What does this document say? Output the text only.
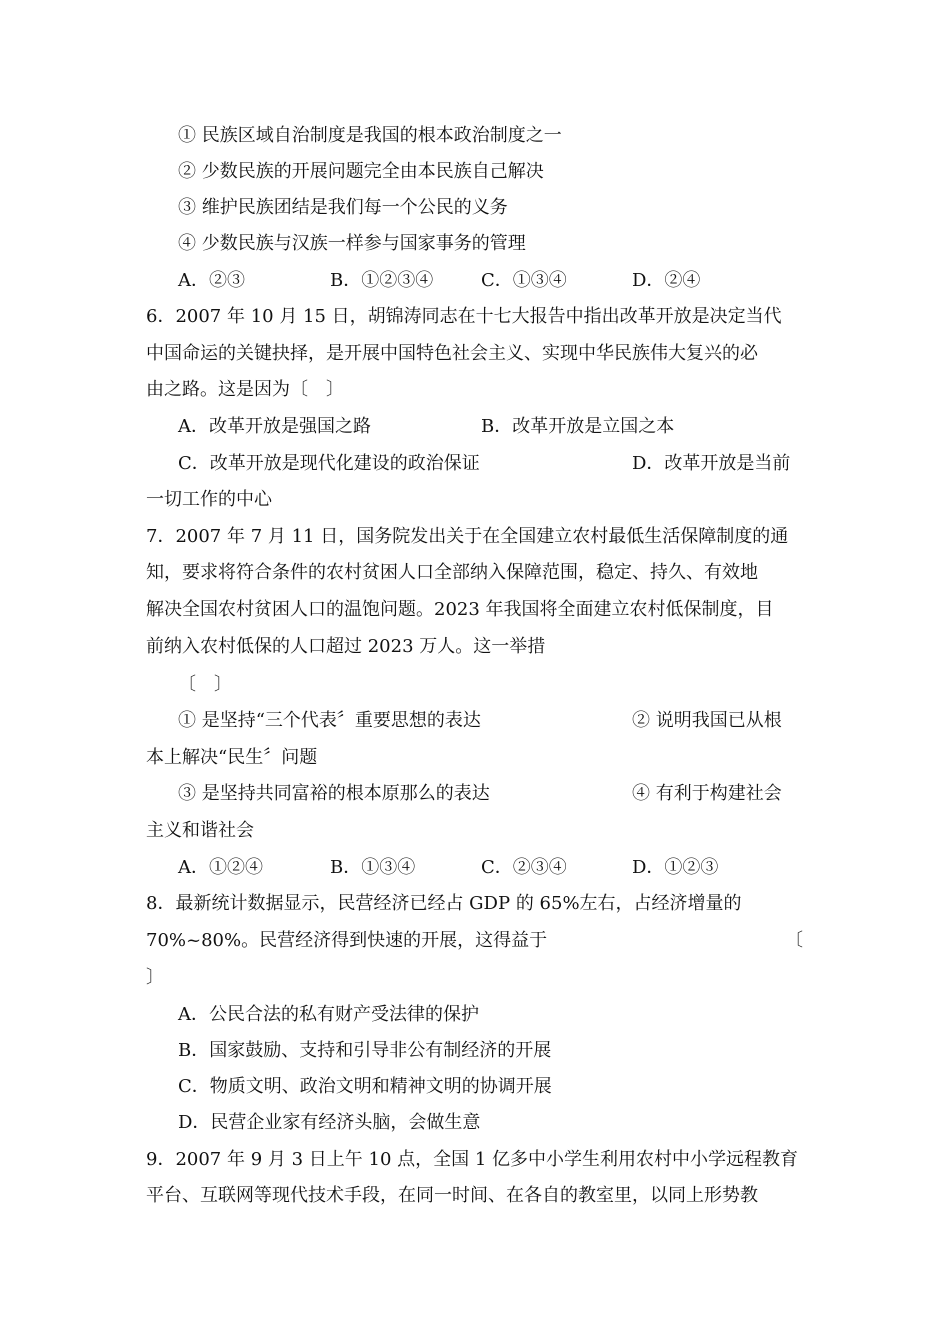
① 民族区域自治制度是我国的根本政治制度之一
② 少数民族的开展问题完全由本民族自己解决
③ 维护民族团结是我们每一个公民的义务
④ 少数民族与汉族一样参与国家事务的管理
A．②③	B．①②③④	C．①③④	D．②④
6．2007 年 10 月 15 日，胡锦涛同志在十七大报告中指出改革开放是决定当代
中国命运的关键抉择，是开展中国特色社会主义、实现中华民族伟大复兴的必
由之路。这是因为〔　〕
A．改革开放是强国之路	B．改革开放是立国之本
C．改革开放是现代化建设的政治保证	D．改革开放是当前
一切工作的中心
7．2007 年 7 月 11 日，国务院发出关于在全国建立农村最低生活保障制度的通
知，要求将符合条件的农村贫困人口全部纳入保障范围，稳定、持久、有效地
解决全国农村贫困人口的温饱问题。2023 年我国将全面建立农村低保制度，目
前纳入农村低保的人口超过 2023 万人。这一举措
〔　〕
① 是坚持“三个代表〞重要思想的表达	② 说明我国已从根
本上解决“民生〞问题
③ 是坚持共同富裕的根本原那么的表达	④ 有利于构建社会
主义和谐社会
A．①②④	B．①③④	C．②③④	D．①②③
8．最新统计数据显示，民营经济已经占 GDP 的 65%左右，占经济增量的
70%~80%。民营经济得到快速的开展，这得益于	〔
〕
A．公民合法的私有财产受法律的保护
B．国家鼓励、支持和引导非公有制经济的开展
C．物质文明、政治文明和精神文明的协调开展
D．民营企业家有经济头脑，会做生意
9．2007 年 9 月 3 日上午 10 点，全国 1 亿多中小学生利用农村中小学远程教育
平台、互联网等现代技术手段，在同一时间、在各自的教室里，以同上形势教
